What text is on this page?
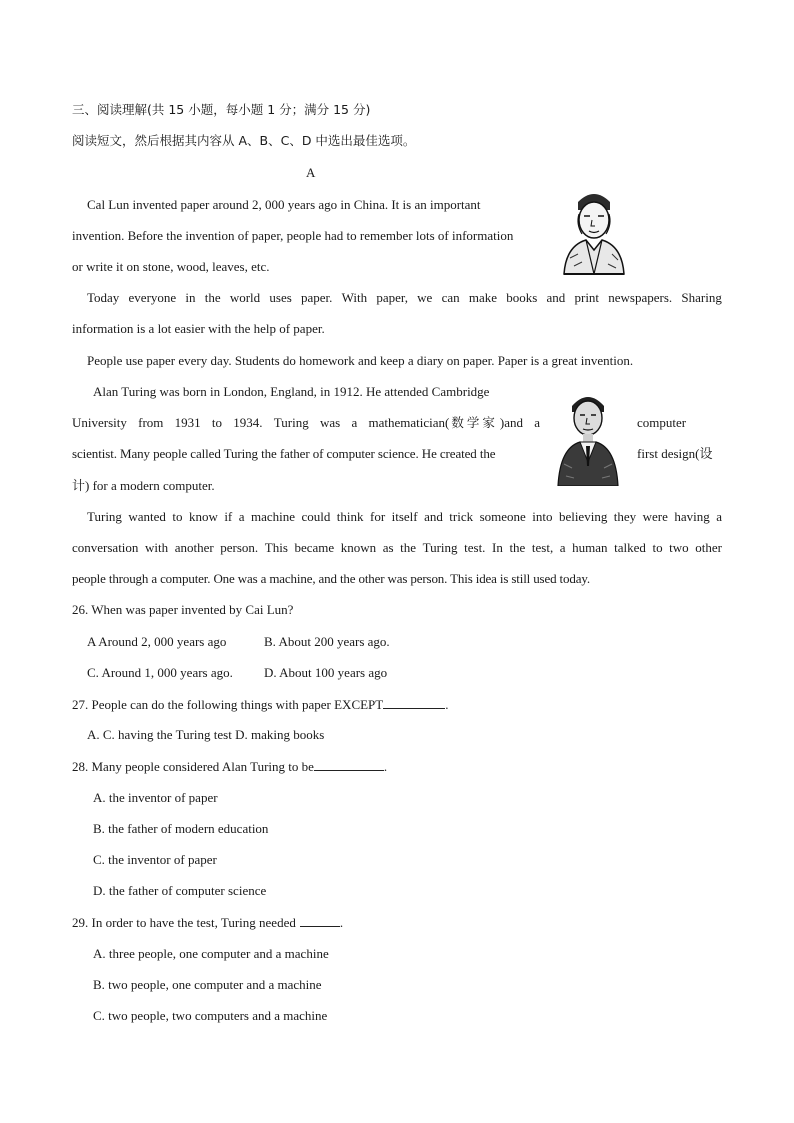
三、阅读理解(共 15 小题，每小题 1 分；满分 15 分)
阅读短文，然后根据其内容从 A、B、C、D 中选出最佳选项。
A
Cal Lun invented paper around 2, 000 years ago in China. It is an important
invention. Before the invention of paper, people had to remember lots of information
or write it on stone, wood, leaves, etc.
Today everyone in the world uses paper. With paper, we can make books and print newspapers. Sharing
information is a lot easier with the help of paper.
People use paper every day. Students do homework and keep a diary on paper. Paper is a great invention.
Alan Turing was born in London, England, in 1912. He attended Cambridge
University from 1931 to 1934. Turing was a mathematician( 数学家 )and a	computer
scientist. Many people called Turing the father of computer science. He created the	first design(设
计) for a modern computer.
Turing wanted to know if a machine could think for itself and trick someone into believing they were having a
conversation with another person. This became known as the Turing test. In the test, a human talked to two other
people through a computer. One was a machine, and the other was person. This idea is still used today.
26. When was paper invented by Cai Lun?
A Around 2, 000 years ago	B. About 200 years ago.
C. Around 1, 000 years ago. D. About 100 years ago
27. People can do the following things with paper EXCEPT	.
A. C. having the Turing test D. making books
28. Many people considered Alan Turing to be	.
A. the inventor of paper
B. the father of modern education
C. the inventor of paper
D. the father of computer science
29. In order to have the test, Turing needed	.
A. three people, one computer and a machine
B. two people, one computer and a machine
C. two people, two computers and a machine
